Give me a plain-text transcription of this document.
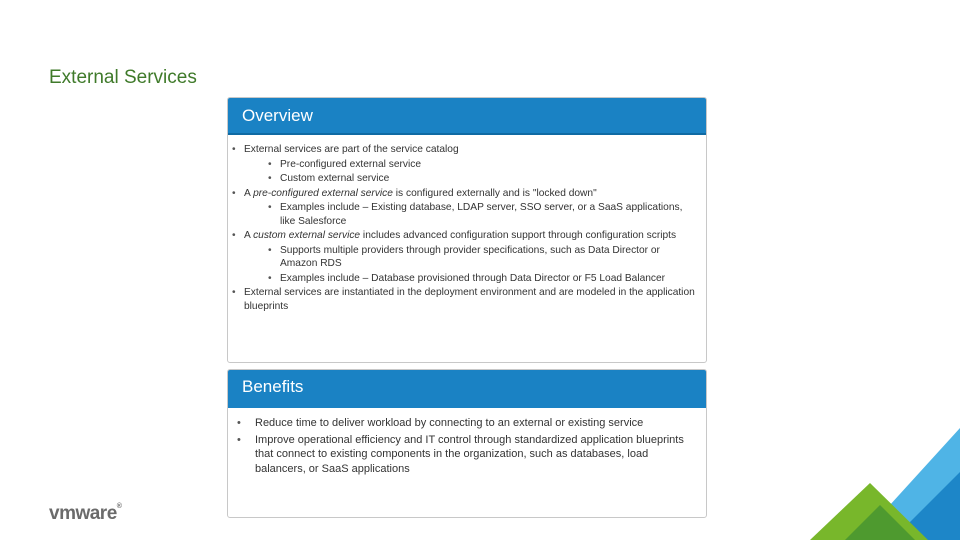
External Services
Overview
• External services are part of the service catalog
• Pre-configured external service
• Custom external service
• A pre-configured external service is configured externally and is "locked down"
• Examples include – Existing database, LDAP server, SSO server, or a SaaS applications, like Salesforce
• A custom external service includes advanced configuration support through configuration scripts
• Supports multiple providers through provider specifications, such as Data Director or Amazon RDS
• Examples include – Database provisioned through Data Director or F5 Load Balancer
• External services are instantiated in the deployment environment and are modeled in the application blueprints
Benefits
• Reduce time to deliver workload by connecting to an external or existing service
• Improve operational efficiency and IT control through standardized application blueprints that connect to existing components in the organization, such as databases, load balancers, or SaaS applications
vmware®
